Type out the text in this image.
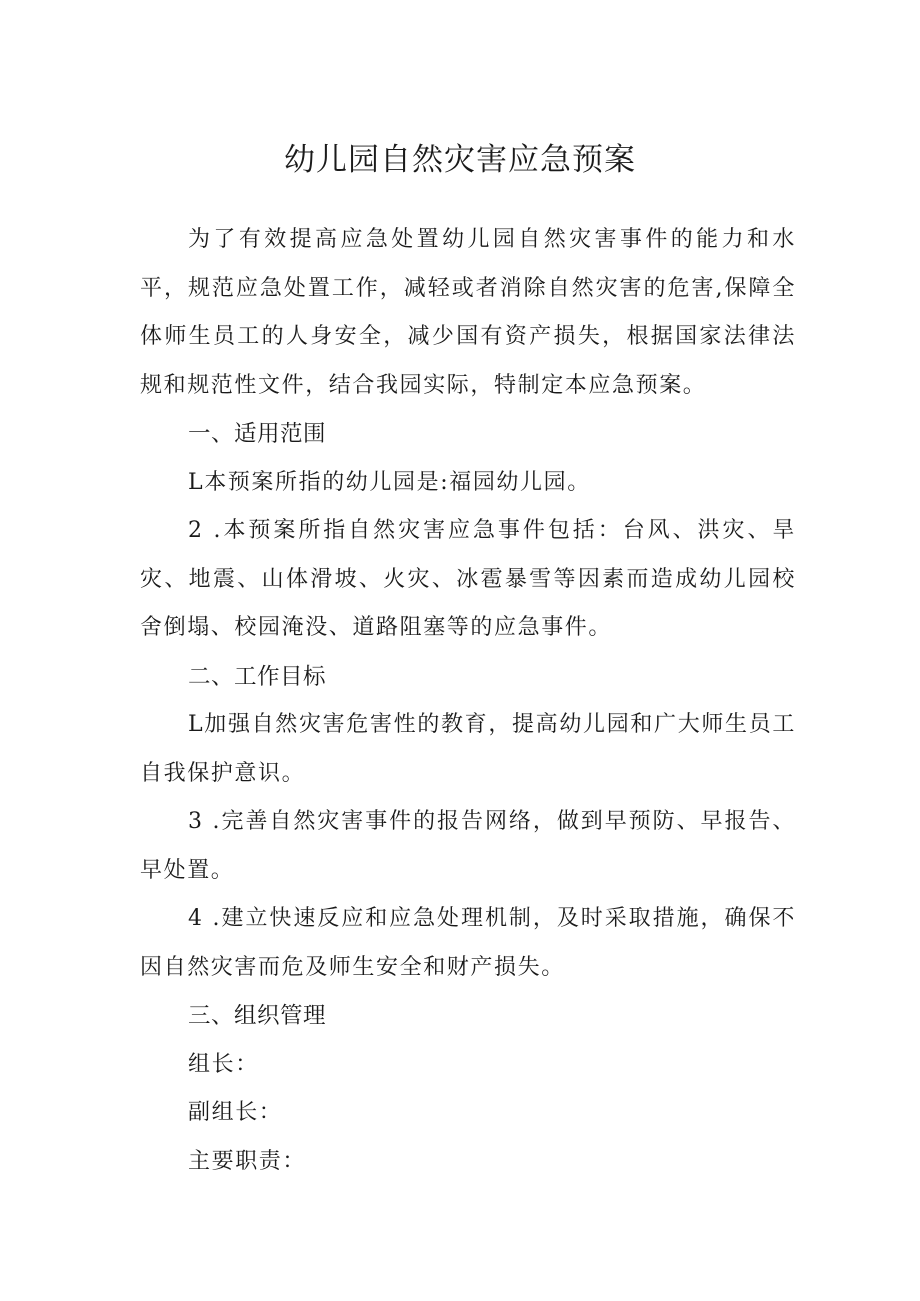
幼儿园自然灾害应急预案

为了有效提高应急处置幼儿园自然灾害事件的能力和水平，规范应急处置工作，减轻或者消除自然灾害的危害,保障全体师生员工的人身安全，减少国有资产损失，根据国家法律法规和规范性文件，结合我园实际，特制定本应急预案。

一、适用范围

L本预案所指的幼儿园是:福园幼儿园。

2 .本预案所指自然灾害应急事件包括：台风、洪灾、旱灾、地震、山体滑坡、火灾、冰雹暴雪等因素而造成幼儿园校舍倒塌、校园淹没、道路阻塞等的应急事件。

二、工作目标

L加强自然灾害危害性的教育，提高幼儿园和广大师生员工自我保护意识。

3 .完善自然灾害事件的报告网络，做到早预防、早报告、早处置。

4 .建立快速反应和应急处理机制，及时采取措施，确保不因自然灾害而危及师生安全和财产损失。

三、组织管理

组长：

副组长：

主要职责：
